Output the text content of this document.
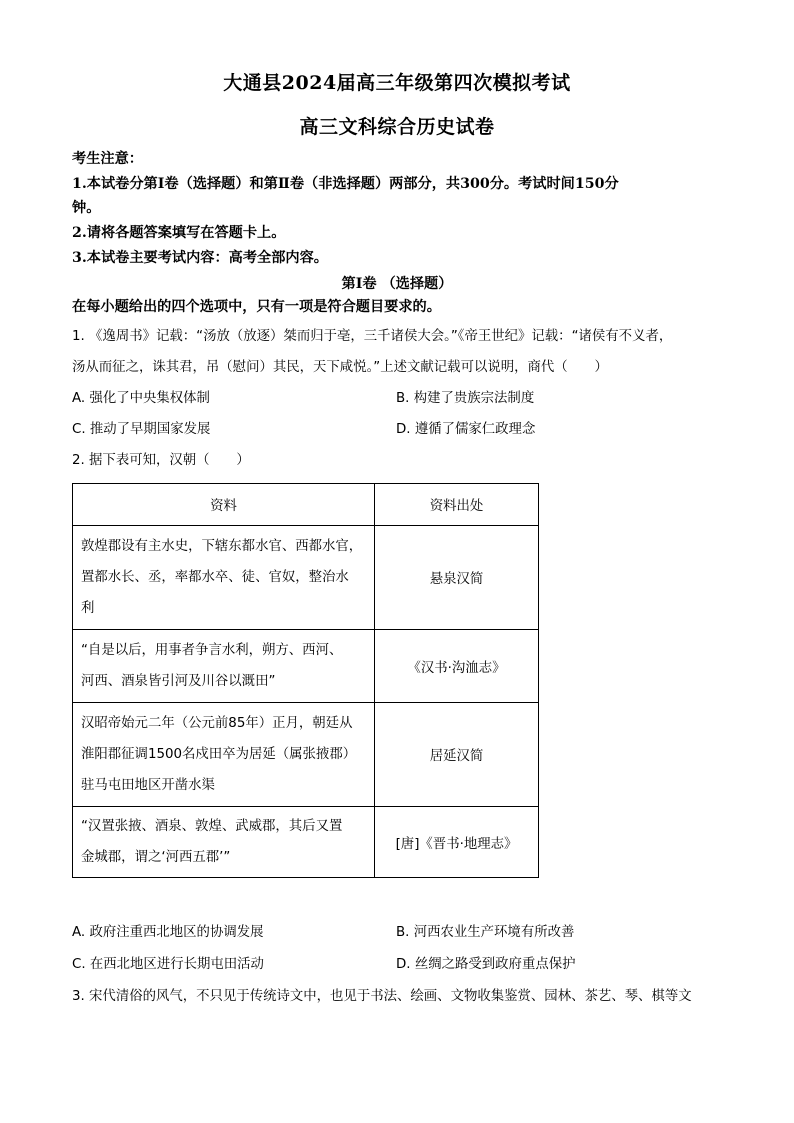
大通县2024届高三年级第四次模拟考试
高三文科综合历史试卷
考生注意：
1.本试卷分第Ⅰ卷（选择题）和第Ⅱ卷（非选择题）两部分，共300分。考试时间150分
钟。
2.请将各题答案填写在答题卡上。
3.本试卷主要考试内容：高考全部内容。
第Ⅰ卷 （选择题）
在每小题给出的四个选项中，只有一项是符合题目要求的。
1. 《逸周书》记载：“汤放（放逐）桀而归于亳，三千诸侯大会。”《帝王世纪》记载：“诸侯有不义者，
汤从而征之，诛其君，吊（慰问）其民，天下咸悦。”上述文献记载可以说明，商代（　　）
A. 强化了中央集权体制	B. 构建了贵族宗法制度
C. 推动了早期国家发展	D. 遵循了儒家仁政理念
2. 据下表可知，汉朝（　　）
资料	资料出处

敦煌郡设有主水史，下辖东都水官、西都水官，
置都水长、丞，率都水卒、徒、官奴，整治水
利	悬泉汉简

“自是以后，用事者争言水利，朔方、西河、
河西、酒泉皆引河及川谷以溉田”	《汉书·沟洫志》

汉昭帝始元二年（公元前85年）正月，朝廷从
淮阳郡征调1500名戍田卒为居延（属张掖郡）
驻马屯田地区开凿水渠	居延汉简

“汉置张掖、酒泉、敦煌、武威郡，其后又置
金城郡，谓之‘河西五郡’”	[唐]《晋书·地理志》
A. 政府注重西北地区的协调发展	B. 河西农业生产环境有所改善
C. 在西北地区进行长期屯田活动	D. 丝绸之路受到政府重点保护
3. 宋代清俗的风气，不只见于传统诗文中，也见于书法、绘画、文物收集鉴赏、园林、茶艺、琴、棋等文
